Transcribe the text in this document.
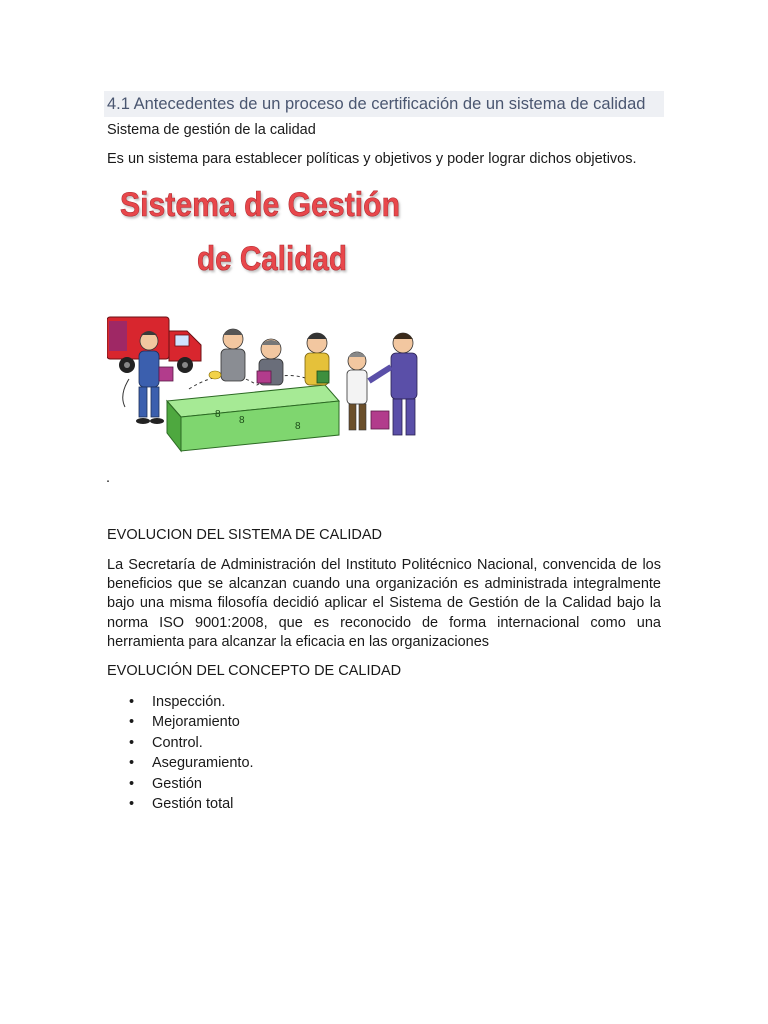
4.1 Antecedentes de un proceso de certificación de un sistema de calidad
Sistema de gestión de la calidad
Es un sistema para establecer políticas y objetivos y poder lograr dichos objetivos.
Sistema de Gestión
de Calidad
8
8
8
.
EVOLUCION DEL SISTEMA DE CALIDAD

La Secretaría de Administración del Instituto Politécnico Nacional, convencida de los beneficios que se alcanzan cuando una organización es administrada integralmente bajo una misma filosofía decidió aplicar el Sistema de Gestión de la Calidad bajo la norma ISO 9001:2008, que es reconocido de forma internacional como una herramienta para alcanzar la eficacia en las organizaciones

EVOLUCIÓN DEL CONCEPTO DE CALIDAD
• Inspección.
• Mejoramiento
• Control.
• Aseguramiento.
• Gestión
• Gestión total
